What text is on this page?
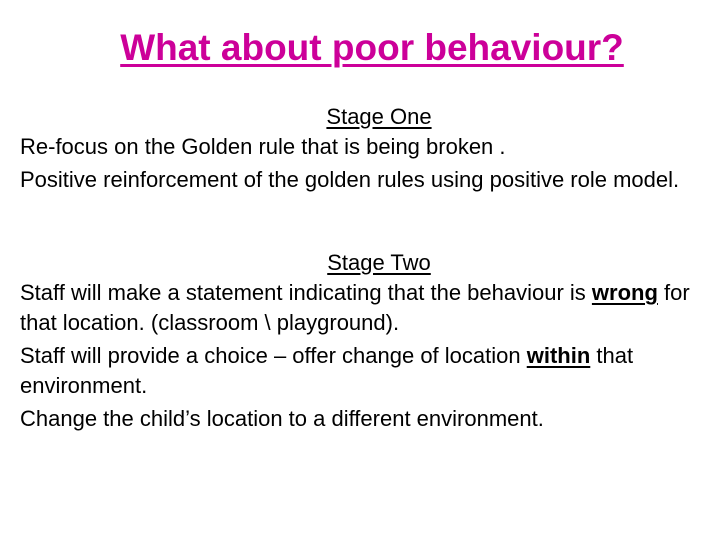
What about poor behaviour?

Stage One

Re-focus on the Golden rule that is being broken .

Positive reinforcement of the golden rules using positive role model.

Stage Two

Staff will make a statement indicating that the behaviour is wrong for that location. (classroom \ playground).

Staff will provide a choice – offer change of location within that environment.

Change the child’s location to a different environment.
